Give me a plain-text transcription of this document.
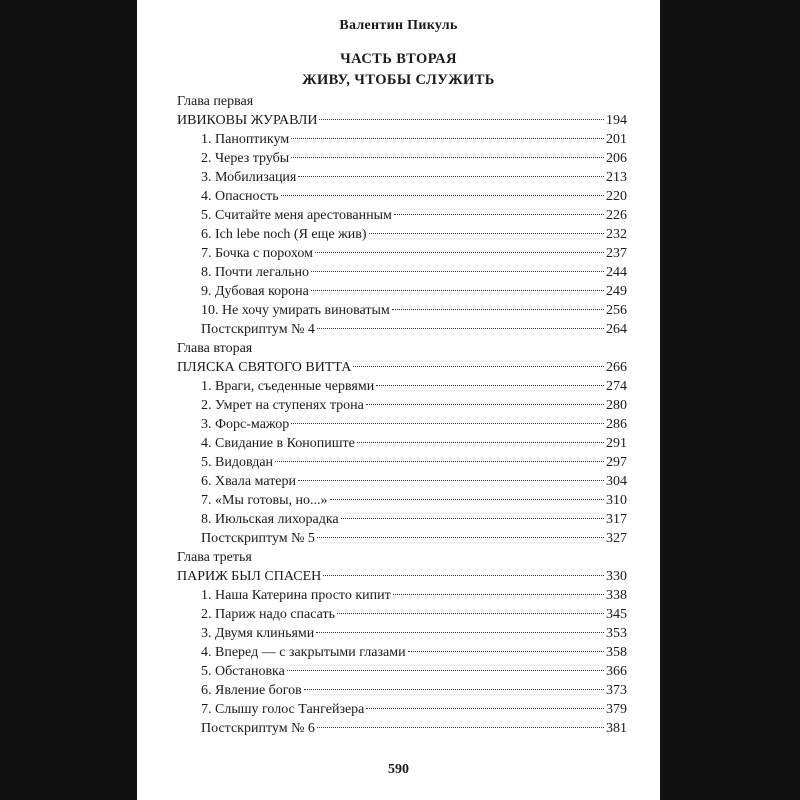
Валентин Пикуль
ЧАСТЬ ВТОРАЯ
ЖИВУ, ЧТОБЫ СЛУЖИТЬ
Глава первая
ИВИКОВЫ ЖУРАВЛИ	194
1. Паноптикум	201
2. Через трубы	206
3. Мобилизация	213
4. Опасность	220
5. Считайте меня арестованным	226
6. Ich lebe noch (Я еще жив)	232
7. Бочка с порохом	237
8. Почти легально	244
9. Дубовая корона	249
10. Не хочу умирать виноватым	256
Постскриптум № 4	264
Глава вторая
ПЛЯСКА СВЯТОГО ВИТТА	266
1. Враги, съеденные червями	274
2. Умрет на ступенях трона	280
3. Форс-мажор	286
4. Свидание в Конопиште	291
5. Видовдан	297
6. Хвала матери	304
7. «Мы готовы, но...»	310
8. Июльская лихорадка	317
Постскриптум № 5	327
Глава третья
ПАРИЖ БЫЛ СПАСЕН	330
1. Наша Катерина просто кипит	338
2. Париж надо спасать	345
3. Двумя клиньями	353
4. Вперед — с закрытыми глазами	358
5. Обстановка	366
6. Явление богов	373
7. Слышу голос Тангейзера	379
Постскриптум № 6	381
590
